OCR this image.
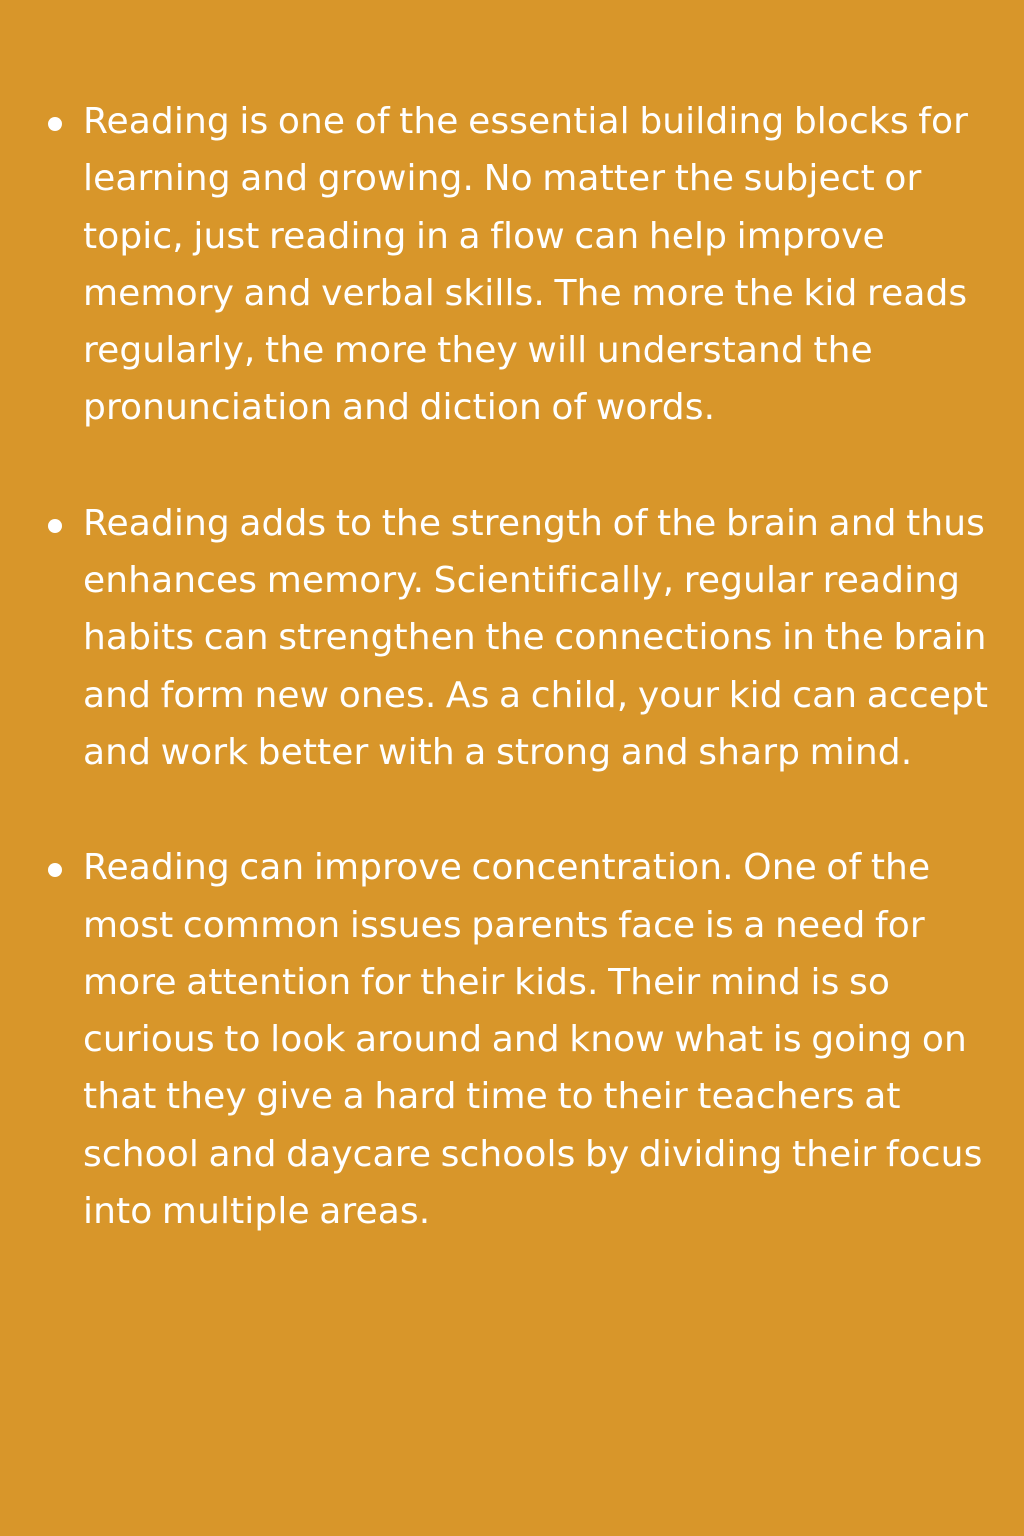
Reading is one of the essential building blocks for learning and growing. No matter the subject or topic, just reading in a flow can help improve memory and verbal skills. The more the kid reads regularly, the more they will understand the pronunciation and diction of words.

Reading adds to the strength of the brain and thus enhances memory. Scientifically, regular reading habits can strengthen the connections in the brain and form new ones. As a child, your kid can accept and work better with a strong and sharp mind.

Reading can improve concentration. One of the most common issues parents face is a need for more attention for their kids. Their mind is so curious to look around and know what is going on that they give a hard time to their teachers at school and daycare schools by dividing their focus into multiple areas.
